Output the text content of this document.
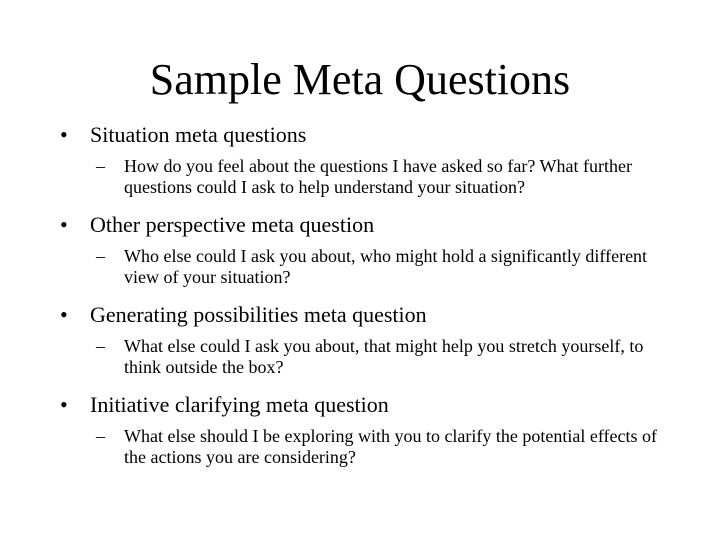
Sample Meta Questions
• Situation meta questions
– How do you feel about the questions I have asked so far? What further questions could I ask to help understand your situation?
• Other perspective meta question
– Who else could I ask you about, who might hold a significantly different view of your situation?
• Generating possibilities meta question
– What else could I ask you about, that might help you stretch yourself, to think outside the box?
• Initiative clarifying meta question
– What else should I be exploring with you to clarify the potential effects of the actions you are considering?
